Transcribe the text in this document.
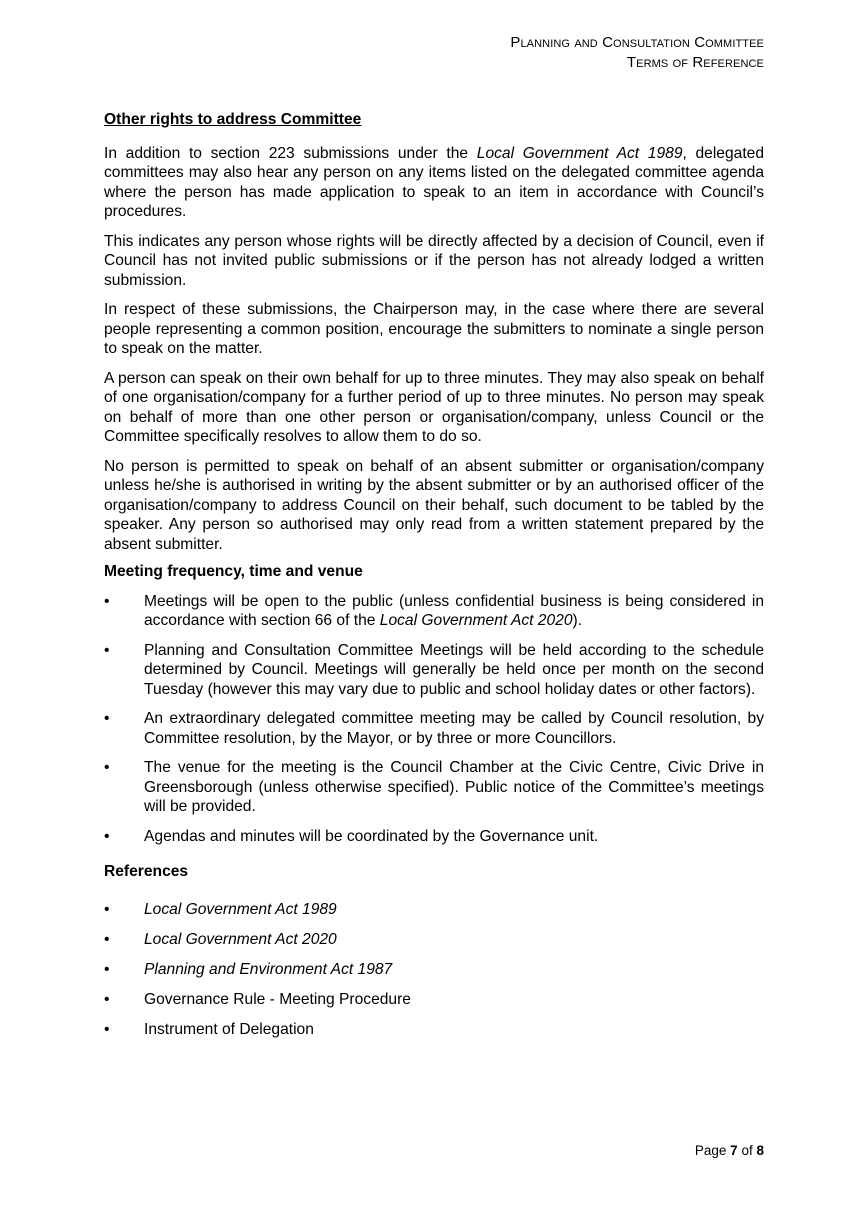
Planning and Consultation Committee
Terms of Reference
Other rights to address Committee

In addition to section 223 submissions under the Local Government Act 1989, delegated committees may also hear any person on any items listed on the delegated committee agenda where the person has made application to speak to an item in accordance with Council’s procedures.

This indicates any person whose rights will be directly affected by a decision of Council, even if Council has not invited public submissions or if the person has not already lodged a written submission.

In respect of these submissions, the Chairperson may, in the case where there are several people representing a common position, encourage the submitters to nominate a single person to speak on the matter.

A person can speak on their own behalf for up to three minutes. They may also speak on behalf of one organisation/company for a further period of up to three minutes. No person may speak on behalf of more than one other person or organisation/company, unless Council or the Committee specifically resolves to allow them to do so.

No person is permitted to speak on behalf of an absent submitter or organisation/company unless he/she is authorised in writing by the absent submitter or by an authorised officer of the organisation/company to address Council on their behalf, such document to be tabled by the speaker. Any person so authorised may only read from a written statement prepared by the absent submitter.

Meeting frequency, time and venue
•	Meetings will be open to the public (unless confidential business is being considered in accordance with section 66 of the Local Government Act 2020).
•	Planning and Consultation Committee Meetings will be held according to the schedule determined by Council. Meetings will generally be held once per month on the second Tuesday (however this may vary due to public and school holiday dates or other factors).
•	An extraordinary delegated committee meeting may be called by Council resolution, by Committee resolution, by the Mayor, or by three or more Councillors.
•	The venue for the meeting is the Council Chamber at the Civic Centre, Civic Drive in Greensborough (unless otherwise specified). Public notice of the Committee’s meetings will be provided.
•	Agendas and minutes will be coordinated by the Governance unit.
References
•	Local Government Act 1989
•	Local Government Act 2020
•	Planning and Environment Act 1987
•	Governance Rule - Meeting Procedure
•	Instrument of Delegation
Page 7 of 8
